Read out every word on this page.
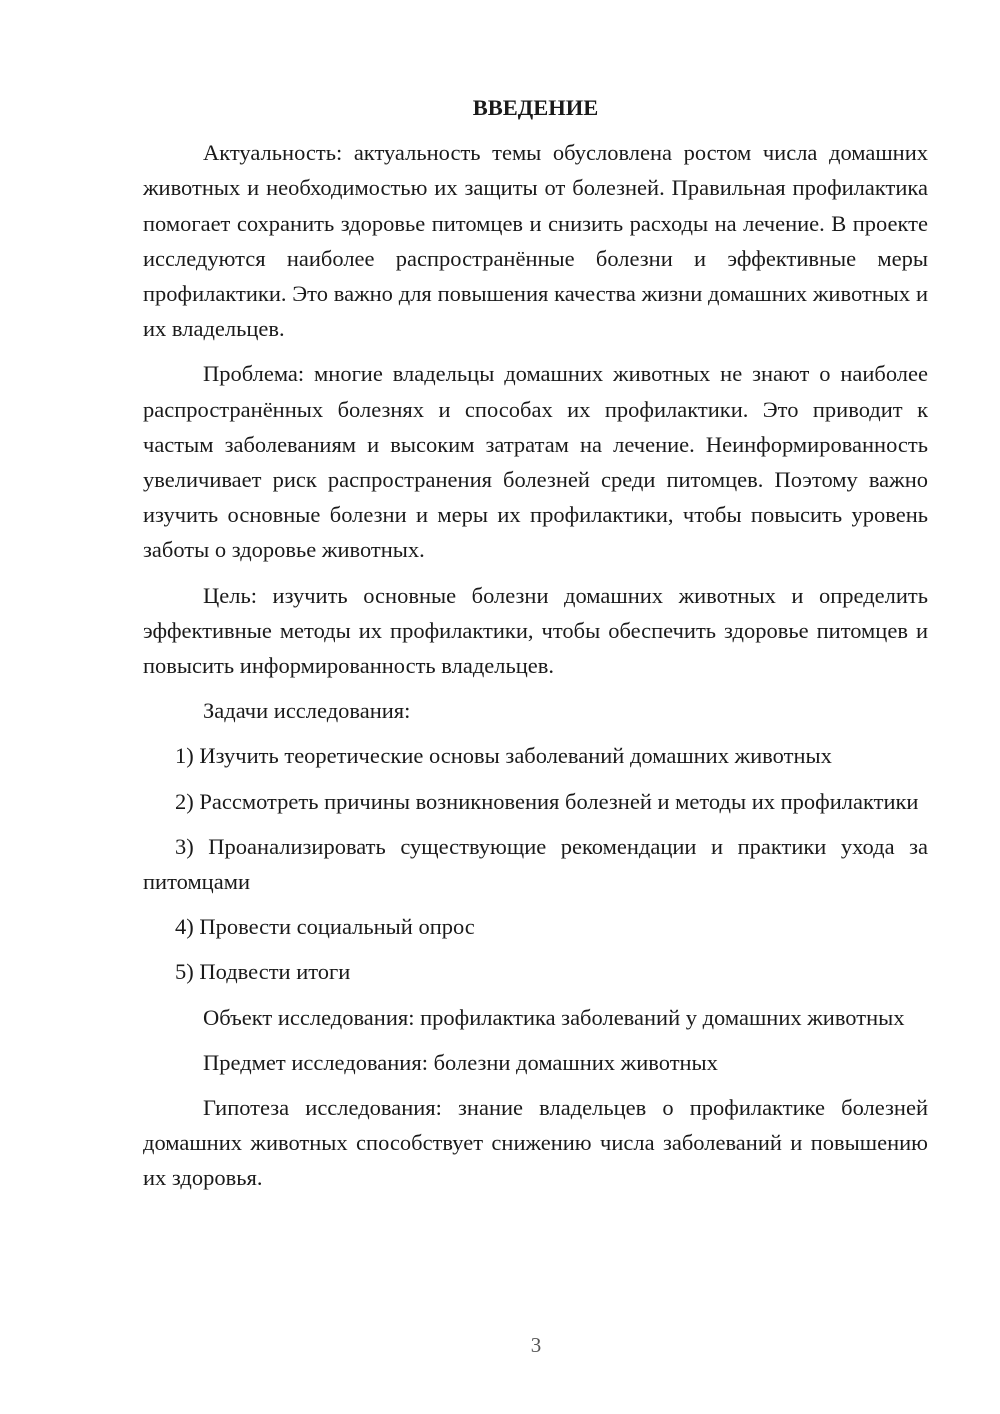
ВВЕДЕНИЕ

Актуальность: актуальность темы обусловлена ростом числа домашних животных и необходимостью их защиты от болезней. Правильная профилактика помогает сохранить здоровье питомцев и снизить расходы на лечение. В проекте исследуются наиболее распространённые болезни и эффективные меры профилактики. Это важно для повышения качества жизни домашних животных и их владельцев.

Проблема: многие владельцы домашних животных не знают о наиболее распространённых болезнях и способах их профилактики. Это приводит к частым заболеваниям и высоким затратам на лечение. Неинформированность увеличивает риск распространения болезней среди питомцев. Поэтому важно изучить основные болезни и меры их профилактики, чтобы повысить уровень заботы о здоровье животных.

Цель: изучить основные болезни домашних животных и определить эффективные методы их профилактики, чтобы обеспечить здоровье питомцев и повысить информированность владельцев.

Задачи исследования:

1) Изучить теоретические основы заболеваний домашних животных

2) Рассмотреть причины возникновения болезней и методы их профилактики

3) Проанализировать существующие рекомендации и практики ухода за питомцами

4) Провести социальный опрос

5) Подвести итоги

Объект исследования: профилактика заболеваний у домашних животных

Предмет исследования: болезни домашних животных

Гипотеза исследования: знание владельцев о профилактике болезней домашних животных способствует снижению числа заболеваний и повышению их здоровья.

3
